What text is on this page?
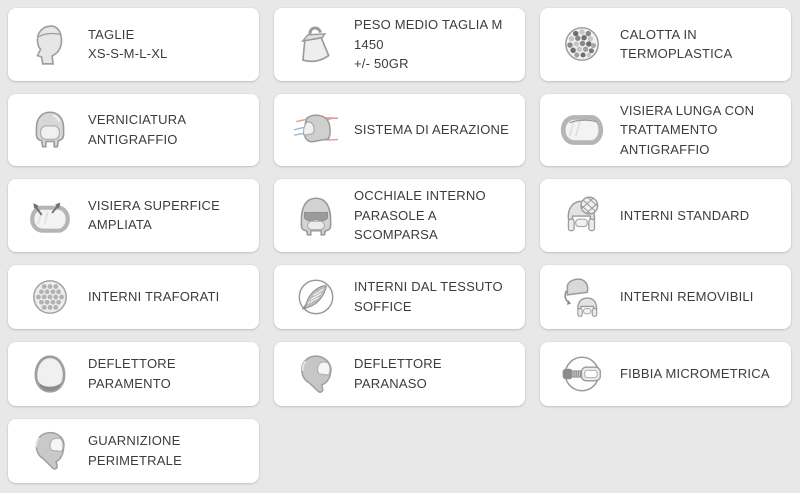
TAGLIE
XS-S-M-L-XL
PESO MEDIO TAGLIA M 1450
+/- 50GR
CALOTTA IN
TERMOPLASTICA
VERNICIATURA
ANTIGRAFFIO
SISTEMA DI AERAZIONE
VISIERA LUNGA CON
TRATTAMENTO
ANTIGRAFFIO
VISIERA SUPERFICE
AMPLIATA
OCCHIALE INTERNO
PARASOLE A SCOMPARSA
INTERNI STANDARD
INTERNI TRAFORATI
INTERNI DAL TESSUTO
SOFFICE
INTERNI REMOVIBILI
DEFLETTORE PARAMENTO
DEFLETTORE PARANASO
FIBBIA MICROMETRICA
GUARNIZIONE PERIMETRALE
